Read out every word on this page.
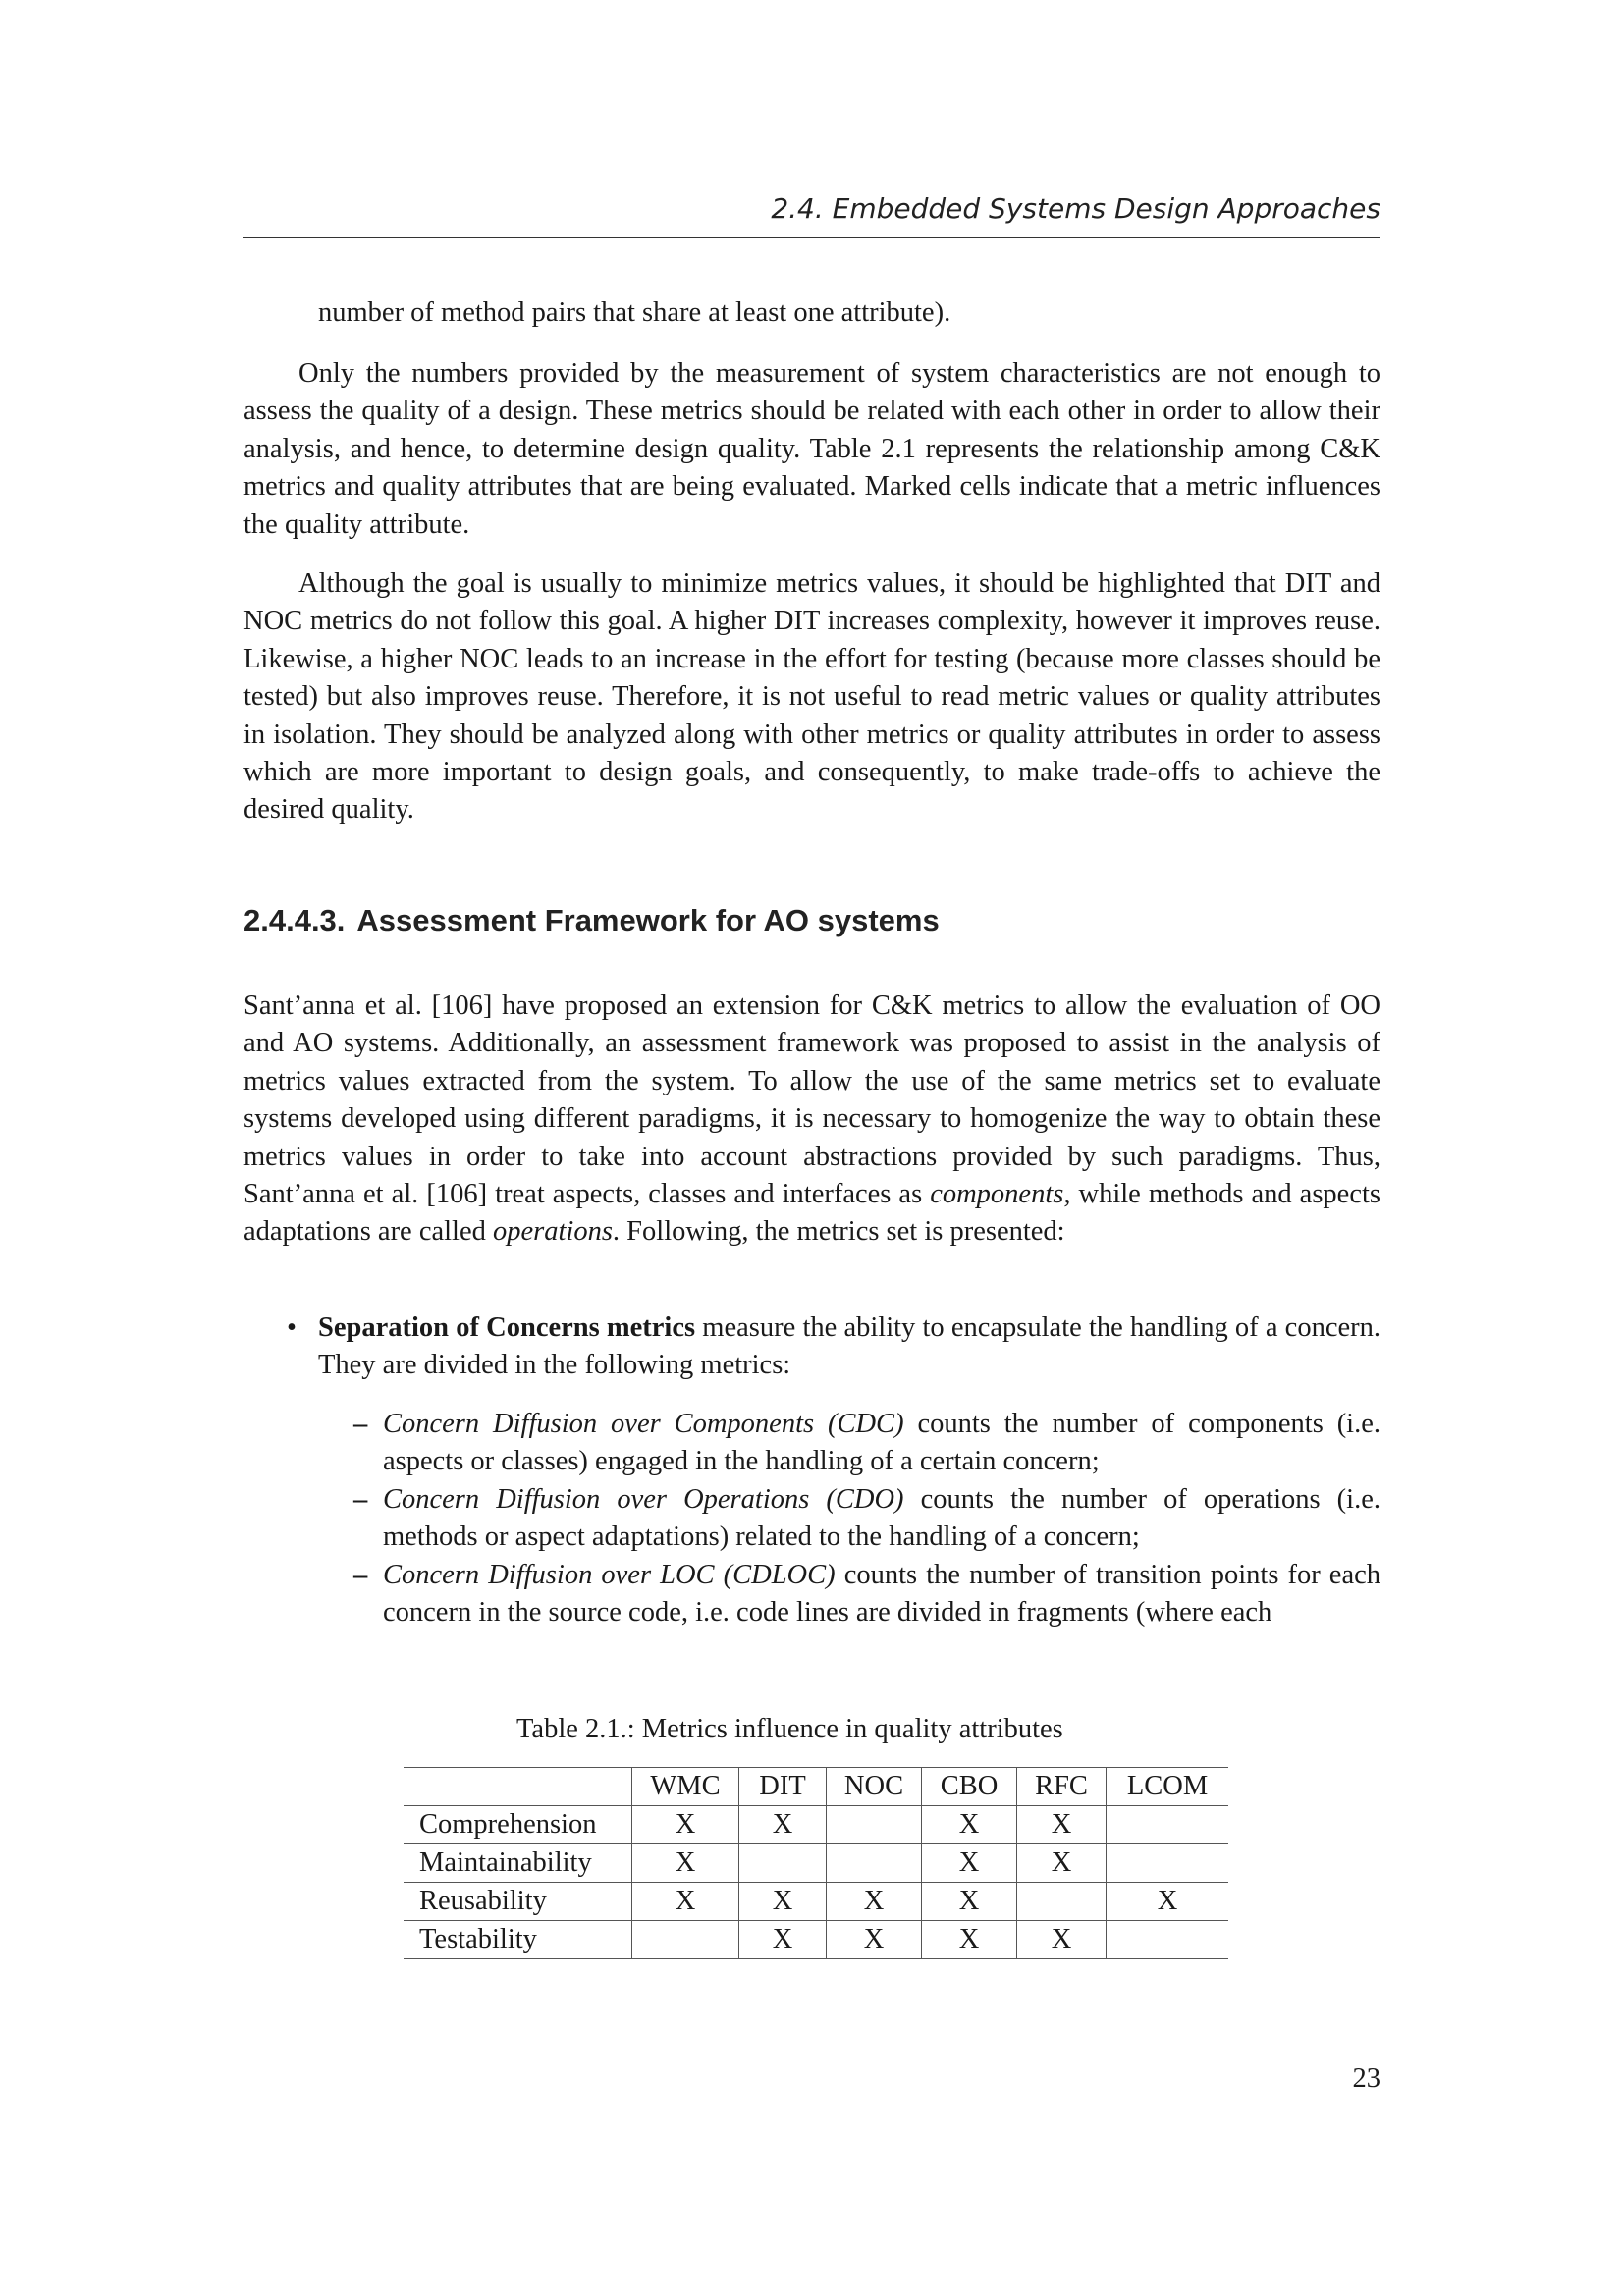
2.4. Embedded Systems Design Approaches

number of method pairs that share at least one attribute).

Only the numbers provided by the measurement of system characteristics are not enough to assess the quality of a design. These metrics should be related with each other in order to allow their analysis, and hence, to determine design quality. Table 2.1 represents the relationship among C&K metrics and quality attributes that are being evaluated. Marked cells indicate that a metric influences the quality attribute.

Although the goal is usually to minimize metrics values, it should be highlighted that DIT and NOC metrics do not follow this goal. A higher DIT increases complexity, however it improves reuse. Likewise, a higher NOC leads to an increase in the effort for testing (because more classes should be tested) but also improves reuse. Therefore, it is not useful to read metric values or quality attributes in isolation. They should be analyzed along with other metrics or quality attributes in order to assess which are more important to design goals, and consequently, to make trade-offs to achieve the desired quality.

2.4.4.3. Assessment Framework for AO systems

Sant’anna et al. [106] have proposed an extension for C&K metrics to allow the evaluation of OO and AO systems. Additionally, an assessment framework was proposed to assist in the analysis of metrics values extracted from the system. To allow the use of the same metrics set to evaluate systems developed using different paradigms, it is necessary to homogenize the way to obtain these metrics values in order to take into account abstractions provided by such paradigms. Thus, Sant’anna et al. [106] treat aspects, classes and interfaces as components, while methods and aspects adaptations are called operations. Following, the metrics set is presented:

• Separation of Concerns metrics measure the ability to encapsulate the handling of a concern. They are divided in the following metrics:
– Concern Diffusion over Components (CDC) counts the number of components (i.e. aspects or classes) engaged in the handling of a certain concern;
– Concern Diffusion over Operations (CDO) counts the number of operations (i.e. methods or aspect adaptations) related to the handling of a concern;
– Concern Diffusion over LOC (CDLOC) counts the number of transition points for each concern in the source code, i.e. code lines are divided in fragments (where each
Table 2.1.: Metrics influence in quality attributes
	WMC	DIT	NOC	CBO	RFC	LCOM
Comprehension	X	X		X	X	
Maintainability	X			X	X	
Reusability	X	X	X	X		X
Testability		X	X	X	X	
23
